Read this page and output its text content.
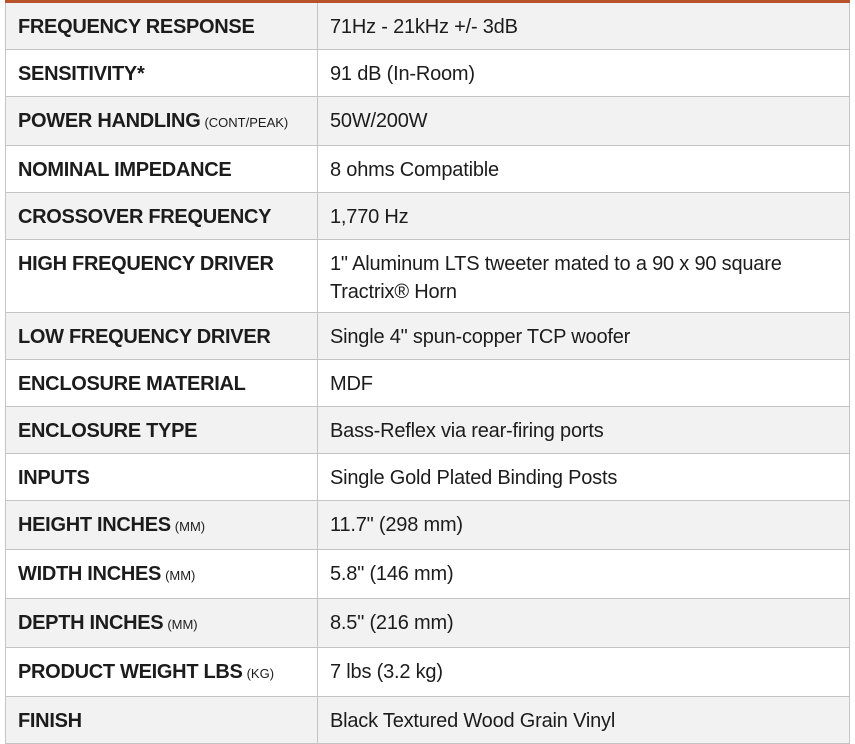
FREQUENCY RESPONSE	71Hz - 21kHz +/- 3dB
SENSITIVITY*	91 dB (In-Room)
POWER HANDLING (CONT/PEAK)	50W/200W
NOMINAL IMPEDANCE	8 ohms Compatible
CROSSOVER FREQUENCY	1,770 Hz
HIGH FREQUENCY DRIVER	1" Aluminum LTS tweeter mated to a 90 x 90 square Tractrix® Horn
LOW FREQUENCY DRIVER	Single 4" spun-copper TCP woofer
ENCLOSURE MATERIAL	MDF
ENCLOSURE TYPE	Bass-Reflex via rear-firing ports
INPUTS	Single Gold Plated Binding Posts
HEIGHT INCHES (MM)	11.7" (298 mm)
WIDTH INCHES (MM)	5.8" (146 mm)
DEPTH INCHES (MM)	8.5" (216 mm)
PRODUCT WEIGHT LBS (KG)	7 lbs (3.2 kg)
FINISH	Black Textured Wood Grain Vinyl
